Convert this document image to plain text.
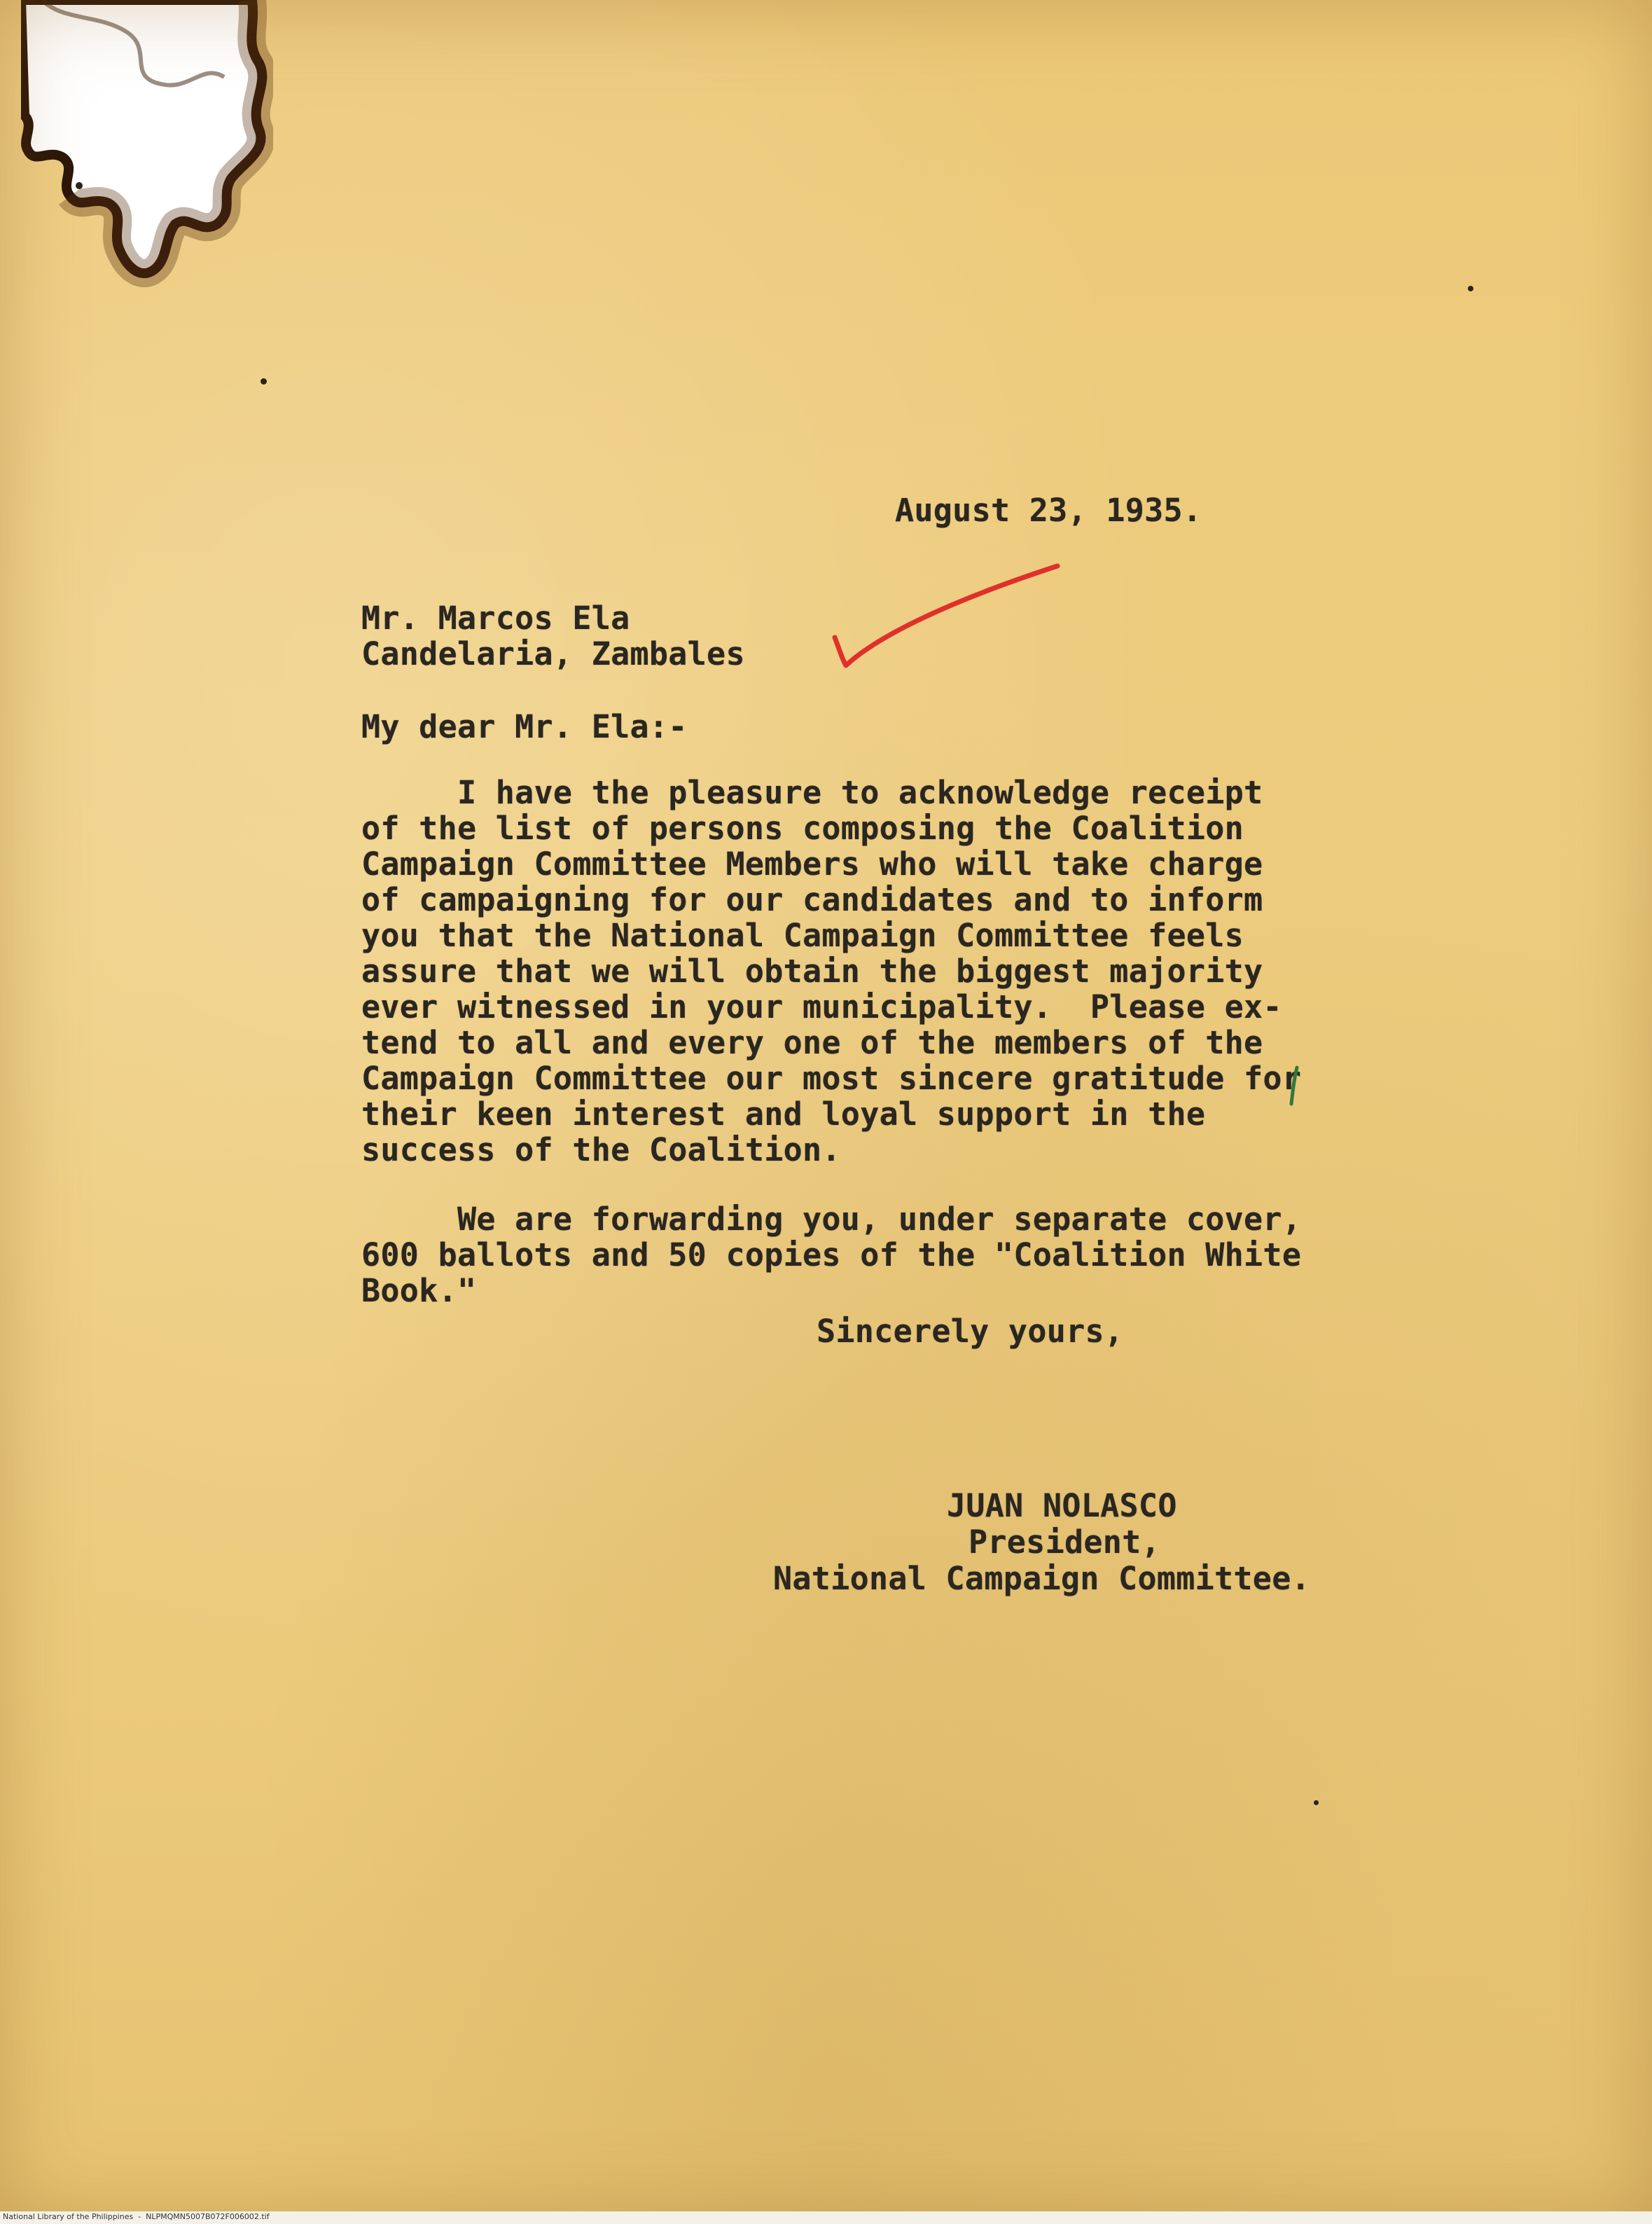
August 23, 1935.
Mr. Marcos Ela
Candelaria, Zambales
My dear Mr. Ela:-
I have the pleasure to acknowledge receipt
of the list of persons composing the Coalition
Campaign Committee Members who will take charge
of campaigning for our candidates and to inform
you that the National Campaign Committee feels
assure that we will obtain the biggest majority
ever witnessed in your municipality.  Please ex-
tend to all and every one of the members of the
Campaign Committee our most sincere gratitude for
their keen interest and loyal support in the
success of the Coalition.
We are forwarding you, under separate cover,
600 ballots and 50 copies of the "Coalition White
Book."
Sincerely yours,
JUAN NOLASCO
President,
National Campaign Committee.
National Library of the Philippines  -  NLPMQMN5007B072F006002.tif
